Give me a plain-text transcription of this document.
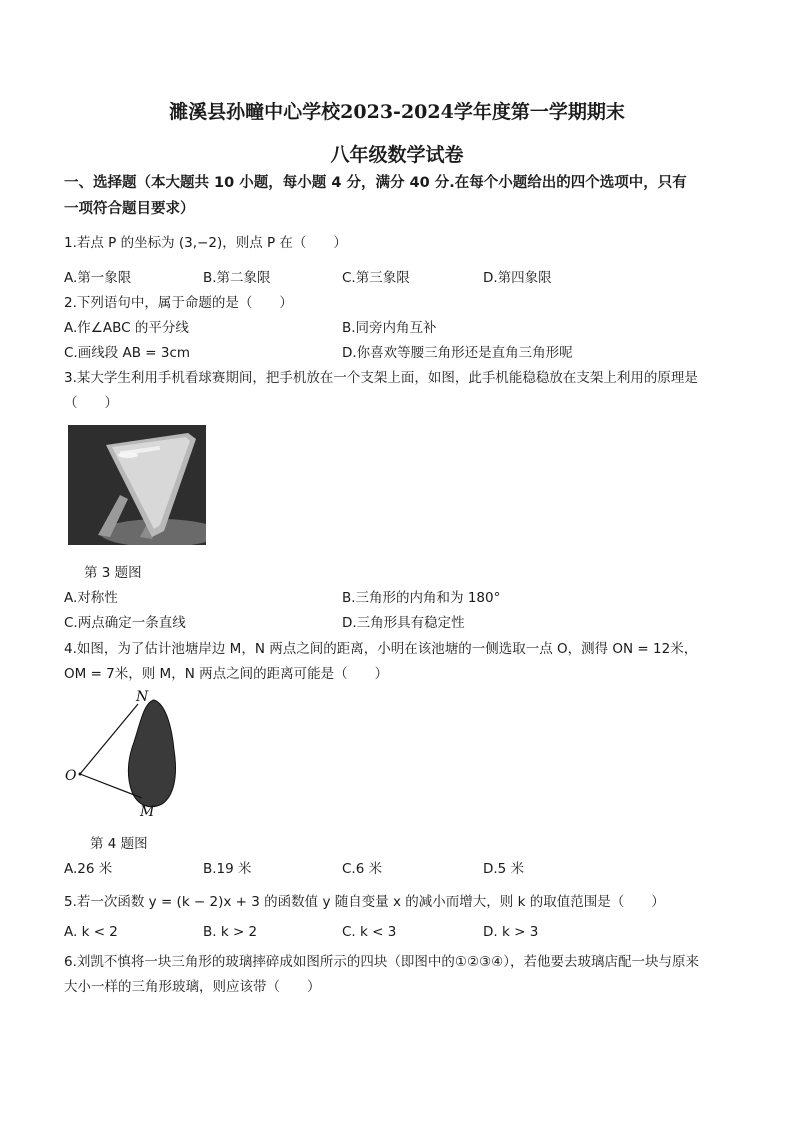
濉溪县孙疃中心学校2023-2024学年度第一学期期末
八年级数学试卷
一、选择题（本大题共 10 小题，每小题 4 分，满分 40 分.在每个小题给出的四个选项中，只有
一项符合题目要求）
1.若点 P 的坐标为 (3,−2)，则点 P 在（　　）
A.第一象限	B.第二象限	C.第三象限	D.第四象限
2.下列语句中，属于命题的是（　　）
A.作∠ABC 的平分线	B.同旁内角互补
C.画线段 AB = 3cm	D.你喜欢等腰三角形还是直角三角形呢
3.某大学生利用手机看球赛期间，把手机放在一个支架上面，如图，此手机能稳稳放在支架上利用的原理是
（　　）
第 3 题图
A.对称性	B.三角形的内角和为 180°
C.两点确定一条直线	D.三角形具有稳定性
4.如图，为了估计池塘岸边 M，N 两点之间的距离，小明在该池塘的一侧选取一点 O，测得 ON = 12米，
OM = 7米，则 M，N 两点之间的距离可能是（　　）
N
O
M
第 4 题图
A.26 米	B.19 米	C.6 米	D.5 米
5.若一次函数 y = (k − 2)x + 3 的函数值 y 随自变量 x 的减小而增大，则 k 的取值范围是（　　）
A. k < 2	B. k > 2	C. k < 3	D. k > 3
6.刘凯不慎将一块三角形的玻璃摔碎成如图所示的四块（即图中的①②③④），若他要去玻璃店配一块与原来
大小一样的三角形玻璃，则应该带（　　）
